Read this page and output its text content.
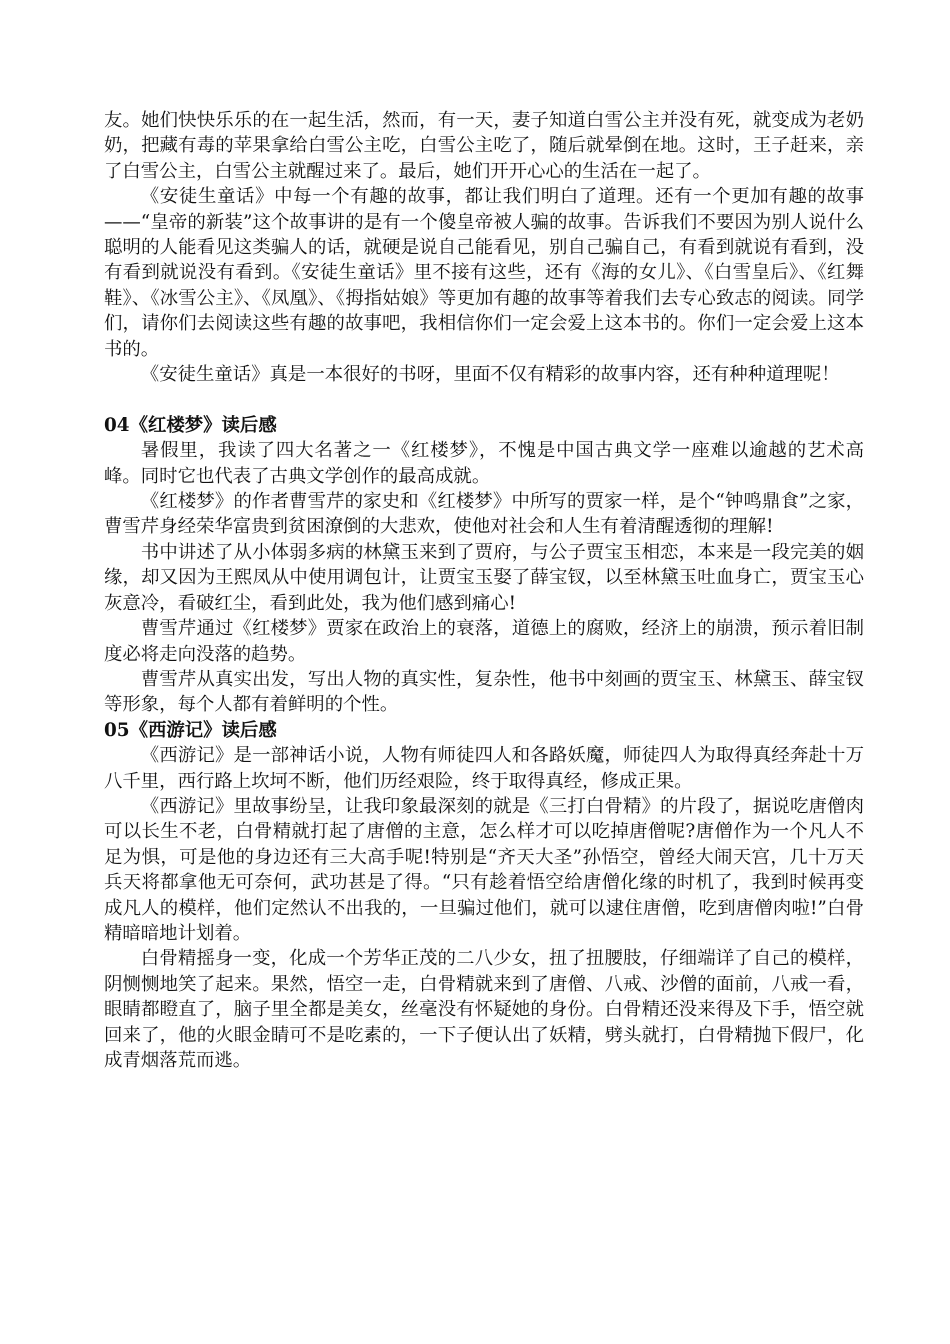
友。她们快快乐乐的在一起生活，然而，有一天，妻子知道白雪公主并没有死，就变成为老奶奶，把藏有毒的苹果拿给白雪公主吃，白雪公主吃了，随后就晕倒在地。这时，王子赶来，亲了白雪公主，白雪公主就醒过来了。最后，她们开开心心的生活在一起了。

《安徒生童话》中每一个有趣的故事，都让我们明白了道理。还有一个更加有趣的故事——“皇帝的新装”这个故事讲的是有一个傻皇帝被人骗的故事。告诉我们不要因为别人说什么聪明的人能看见这类骗人的话，就硬是说自己能看见，别自己骗自己，有看到就说有看到，没有看到就说没有看到。《安徒生童话》里不接有这些，还有《海的女儿》、《白雪皇后》、《红舞鞋》、《冰雪公主》、《凤凰》、《拇指姑娘》等更加有趣的故事等着我们去专心致志的阅读。同学们，请你们去阅读这些有趣的故事吧，我相信你们一定会爱上这本书的。你们一定会爱上这本书的。

《安徒生童话》真是一本很好的书呀，里面不仅有精彩的故事内容，还有种种道理呢！

04《红楼梦》读后感

暑假里，我读了四大名著之一《红楼梦》，不愧是中国古典文学一座难以逾越的艺术高峰。同时它也代表了古典文学创作的最高成就。

《红楼梦》的作者曹雪芹的家史和《红楼梦》中所写的贾家一样，是个“钟鸣鼎食”之家，曹雪芹身经荣华富贵到贫困潦倒的大悲欢，使他对社会和人生有着清醒透彻的理解!

书中讲述了从小体弱多病的林黛玉来到了贾府，与公子贾宝玉相恋，本来是一段完美的姻缘，却又因为王熙凤从中使用调包计，让贾宝玉娶了薛宝钗，以至林黛玉吐血身亡，贾宝玉心灰意冷，看破红尘，看到此处，我为他们感到痛心!

曹雪芹通过《红楼梦》贾家在政治上的衰落，道德上的腐败，经济上的崩溃，预示着旧制度必将走向没落的趋势。

曹雪芹从真实出发，写出人物的真实性，复杂性，他书中刻画的贾宝玉、林黛玉、薛宝钗等形象，每个人都有着鲜明的个性。

05《西游记》读后感

《西游记》是一部神话小说，人物有师徒四人和各路妖魔，师徒四人为取得真经奔赴十万八千里，西行路上坎坷不断，他们历经艰险，终于取得真经，修成正果。

《西游记》里故事纷呈，让我印象最深刻的就是《三打白骨精》的片段了，据说吃唐僧肉可以长生不老，白骨精就打起了唐僧的主意，怎么样才可以吃掉唐僧呢?唐僧作为一个凡人不足为惧，可是他的身边还有三大高手呢!特别是“齐天大圣”孙悟空，曾经大闹天宫，几十万天兵天将都拿他无可奈何，武功甚是了得。“只有趁着悟空给唐僧化缘的时机了，我到时候再变成凡人的模样，他们定然认不出我的，一旦骗过他们，就可以逮住唐僧，吃到唐僧肉啦!”白骨精暗暗地计划着。

白骨精摇身一变，化成一个芳华正茂的二八少女，扭了扭腰肢，仔细端详了自己的模样，阴恻恻地笑了起来。果然，悟空一走，白骨精就来到了唐僧、八戒、沙僧的面前，八戒一看，眼睛都瞪直了，脑子里全都是美女，丝毫没有怀疑她的身份。白骨精还没来得及下手，悟空就回来了，他的火眼金睛可不是吃素的，一下子便认出了妖精，劈头就打，白骨精抛下假尸，化成青烟落荒而逃。
